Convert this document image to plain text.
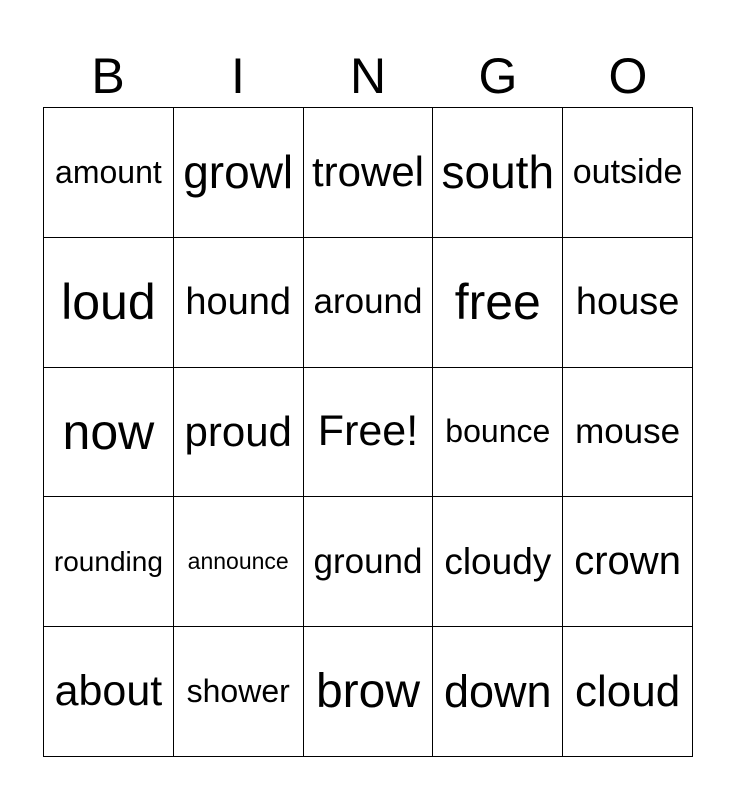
B	I	N	G	O
amount growl trowel south outside
loud hound around free house
now proud Free! bounce mouse
rounding	announce ground cloudy crown
about shower brow down cloud
